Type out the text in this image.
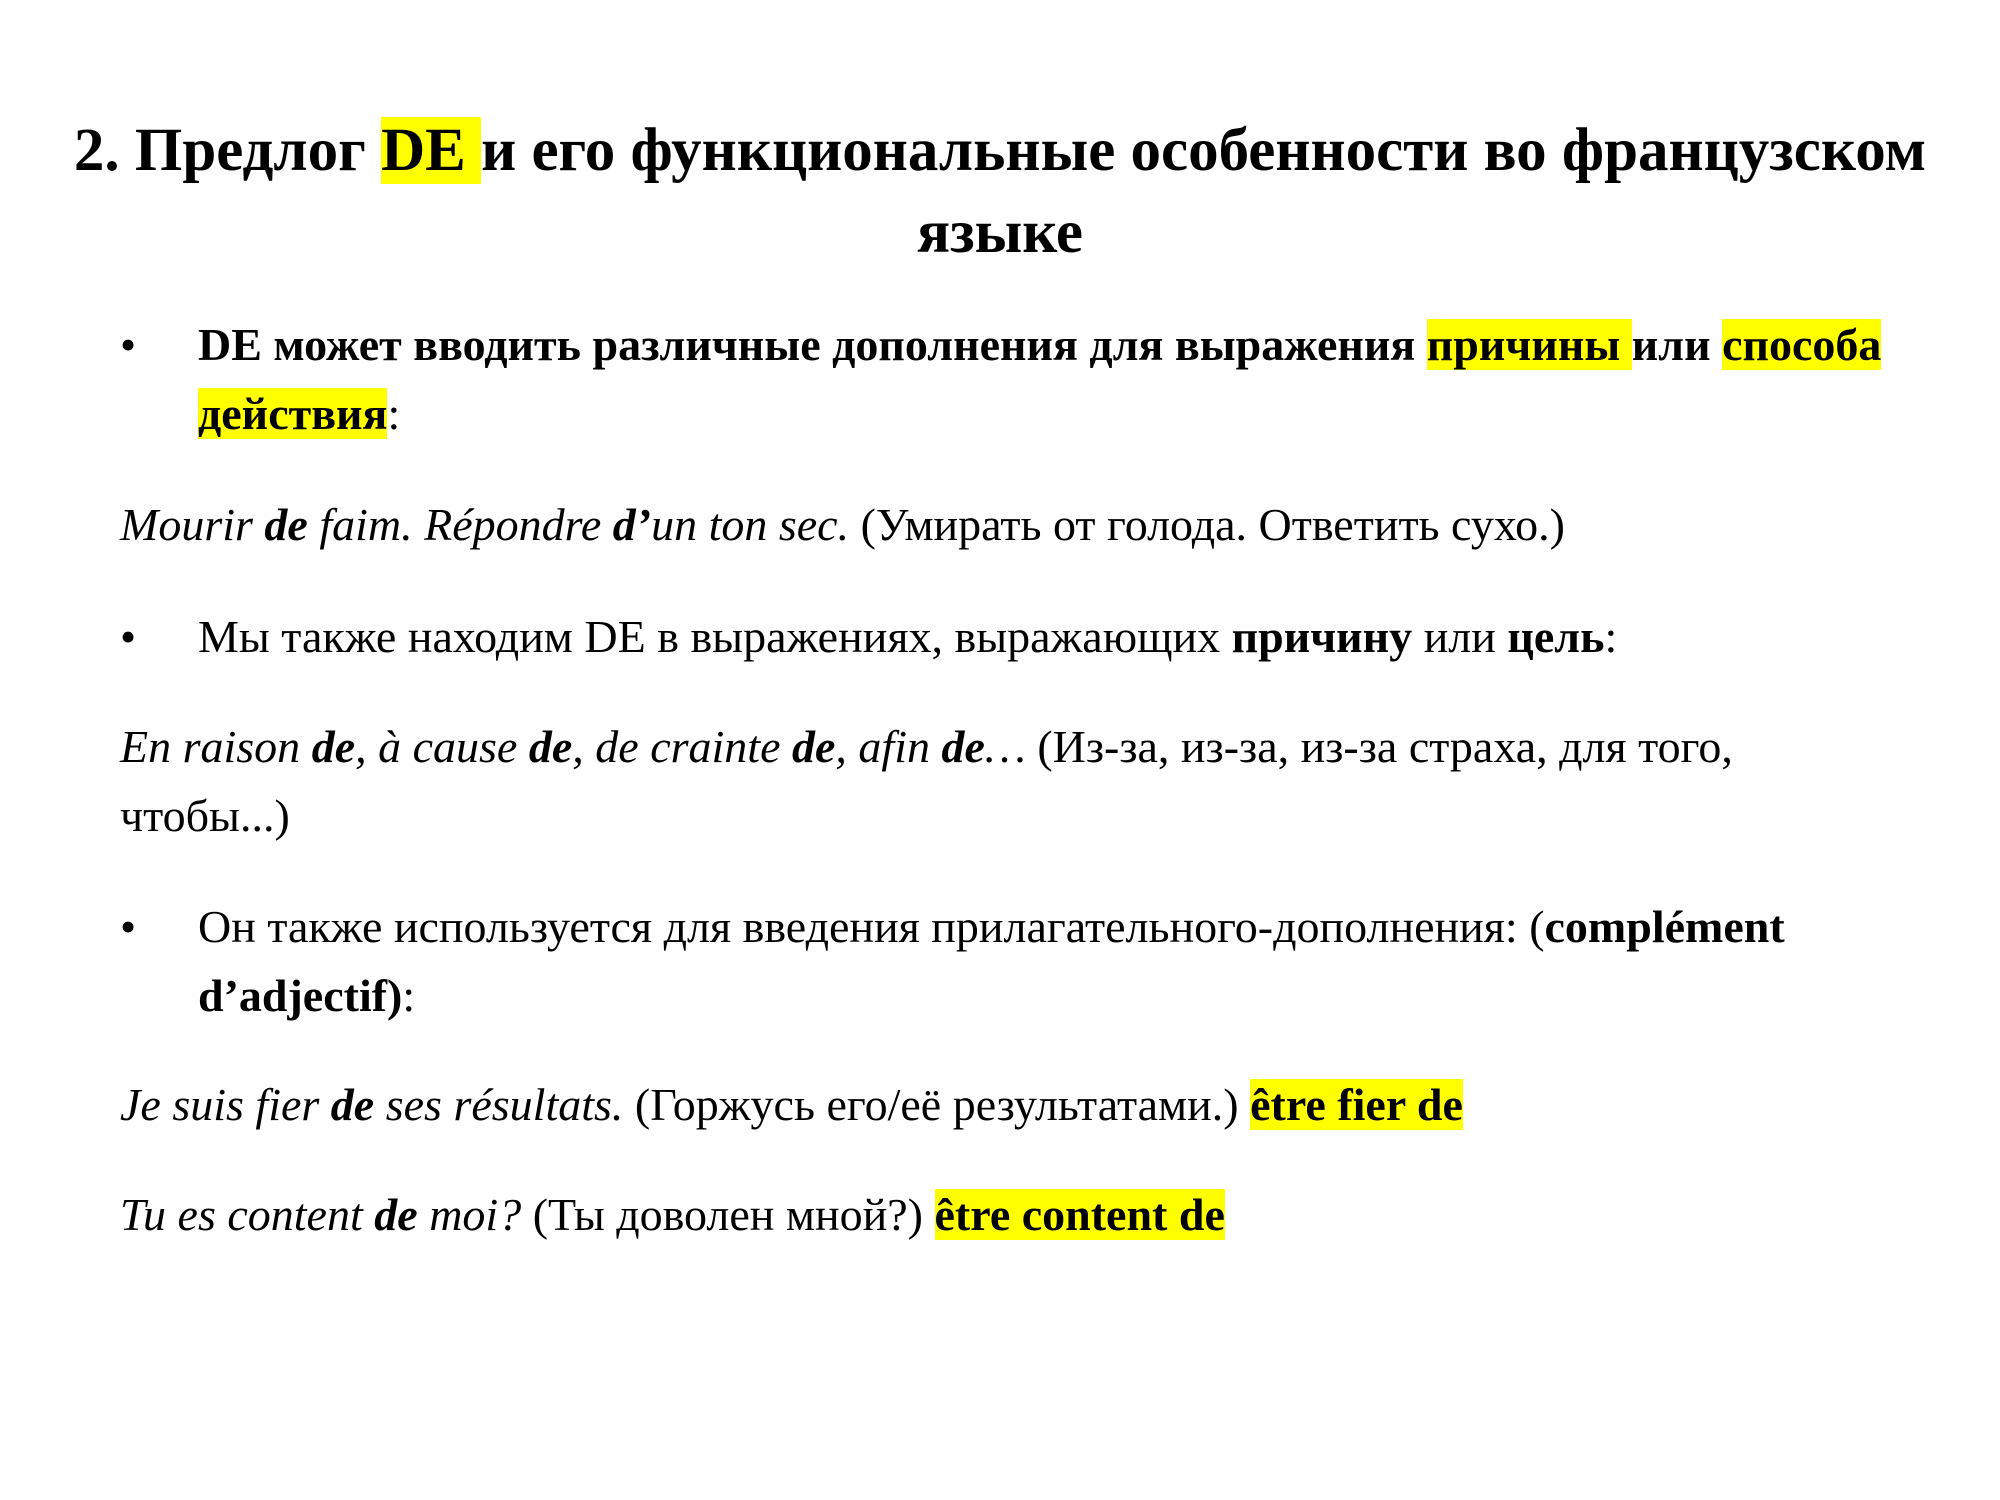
2. Предлог DE и его функциональные особенности во французском языке
•	DE может вводить различные дополнения для выражения причины или способа действия:

Mourir de faim. Répondre d’un ton sec. (Умирать от голода. Ответить сухо.)

•	Мы также находим DE в выражениях, выражающих причину или цель:

En raison de, à cause de, de crainte de, afin de… (Из-за, из-за, из-за страха, для того, чтобы...)

•	Он также используется для введения прилагательного-дополнения: (complément d’adjectif):

Je suis fier de ses résultats. (Горжусь его/её результатами.) être fier de

Tu es content de moi? (Ты доволен мной?) être content de
